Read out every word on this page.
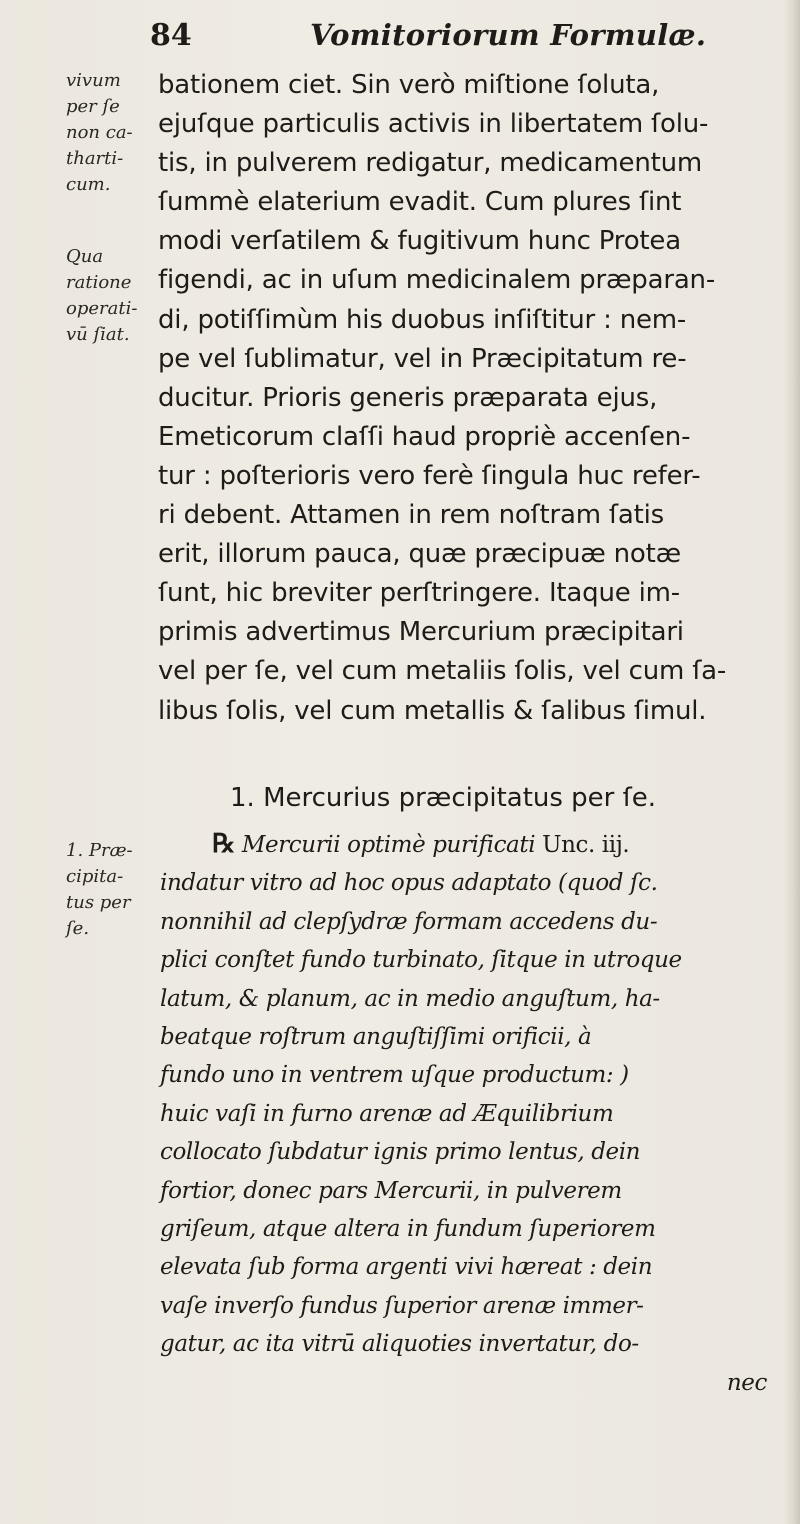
84	Vomitoriorum Formulæ.
vivum
per ſe
non ca-
tharti-
cum.
Qua
ratione
operati-
vū ſiat.
1. Præ-
cipita-
tus per
ſe.
bationem ciet. Sin verò miſtione ſoluta,
ejuſque particulis activis in libertatem ſolu-
tis, in pulverem redigatur, medicamentum
ſummè elaterium evadit. Cum plures ſint
modi verſatilem & fugitivum hunc Protea
figendi, ac in uſum medicinalem præparan-
di, potiſſimùm his duobus inſiſtitur : nem-
pe vel ſublimatur, vel in Præcipitatum re-
ducitur. Prioris generis præparata ejus,
Emeticorum claſſi haud propriè accenſen-
tur : poſterioris vero ferè ſingula huc refer-
ri debent. Attamen in rem noſtram ſatis
erit, illorum pauca, quæ præcipuæ notæ
ſunt, hic breviter perſtringere. Itaque im-
primis advertimus Mercurium præcipitari
vel per ſe, vel cum metaliis ſolis, vel cum ſa-
libus ſolis, vel cum metallis & ſalibus ſimul.
1. Mercurius præcipitatus per ſe.
℞ Mercurii optimè purificati Unc. iij.
indatur vitro ad hoc opus adaptato (quod ſc.
nonnihil ad clepſydræ formam accedens du-
plici conſtet fundo turbinato, ſitque in utroque
latum, & planum, ac in medio anguſtum, ha-
beatque roſtrum anguſtiſſimi orificii, à
fundo uno in ventrem uſque productum: )
huic vaſi in furno arenæ ad Æquilibrium
collocato ſubdatur ignis primo lentus, dein
fortior, donec pars Mercurii, in pulverem
griſeum, atque altera in fundum ſuperiorem
elevata ſub forma argenti vivi hæreat : dein
vaſe inverſo fundus ſuperior arenæ immer-
gatur, ac ita vitrū aliquoties invertatur, do-
nec
